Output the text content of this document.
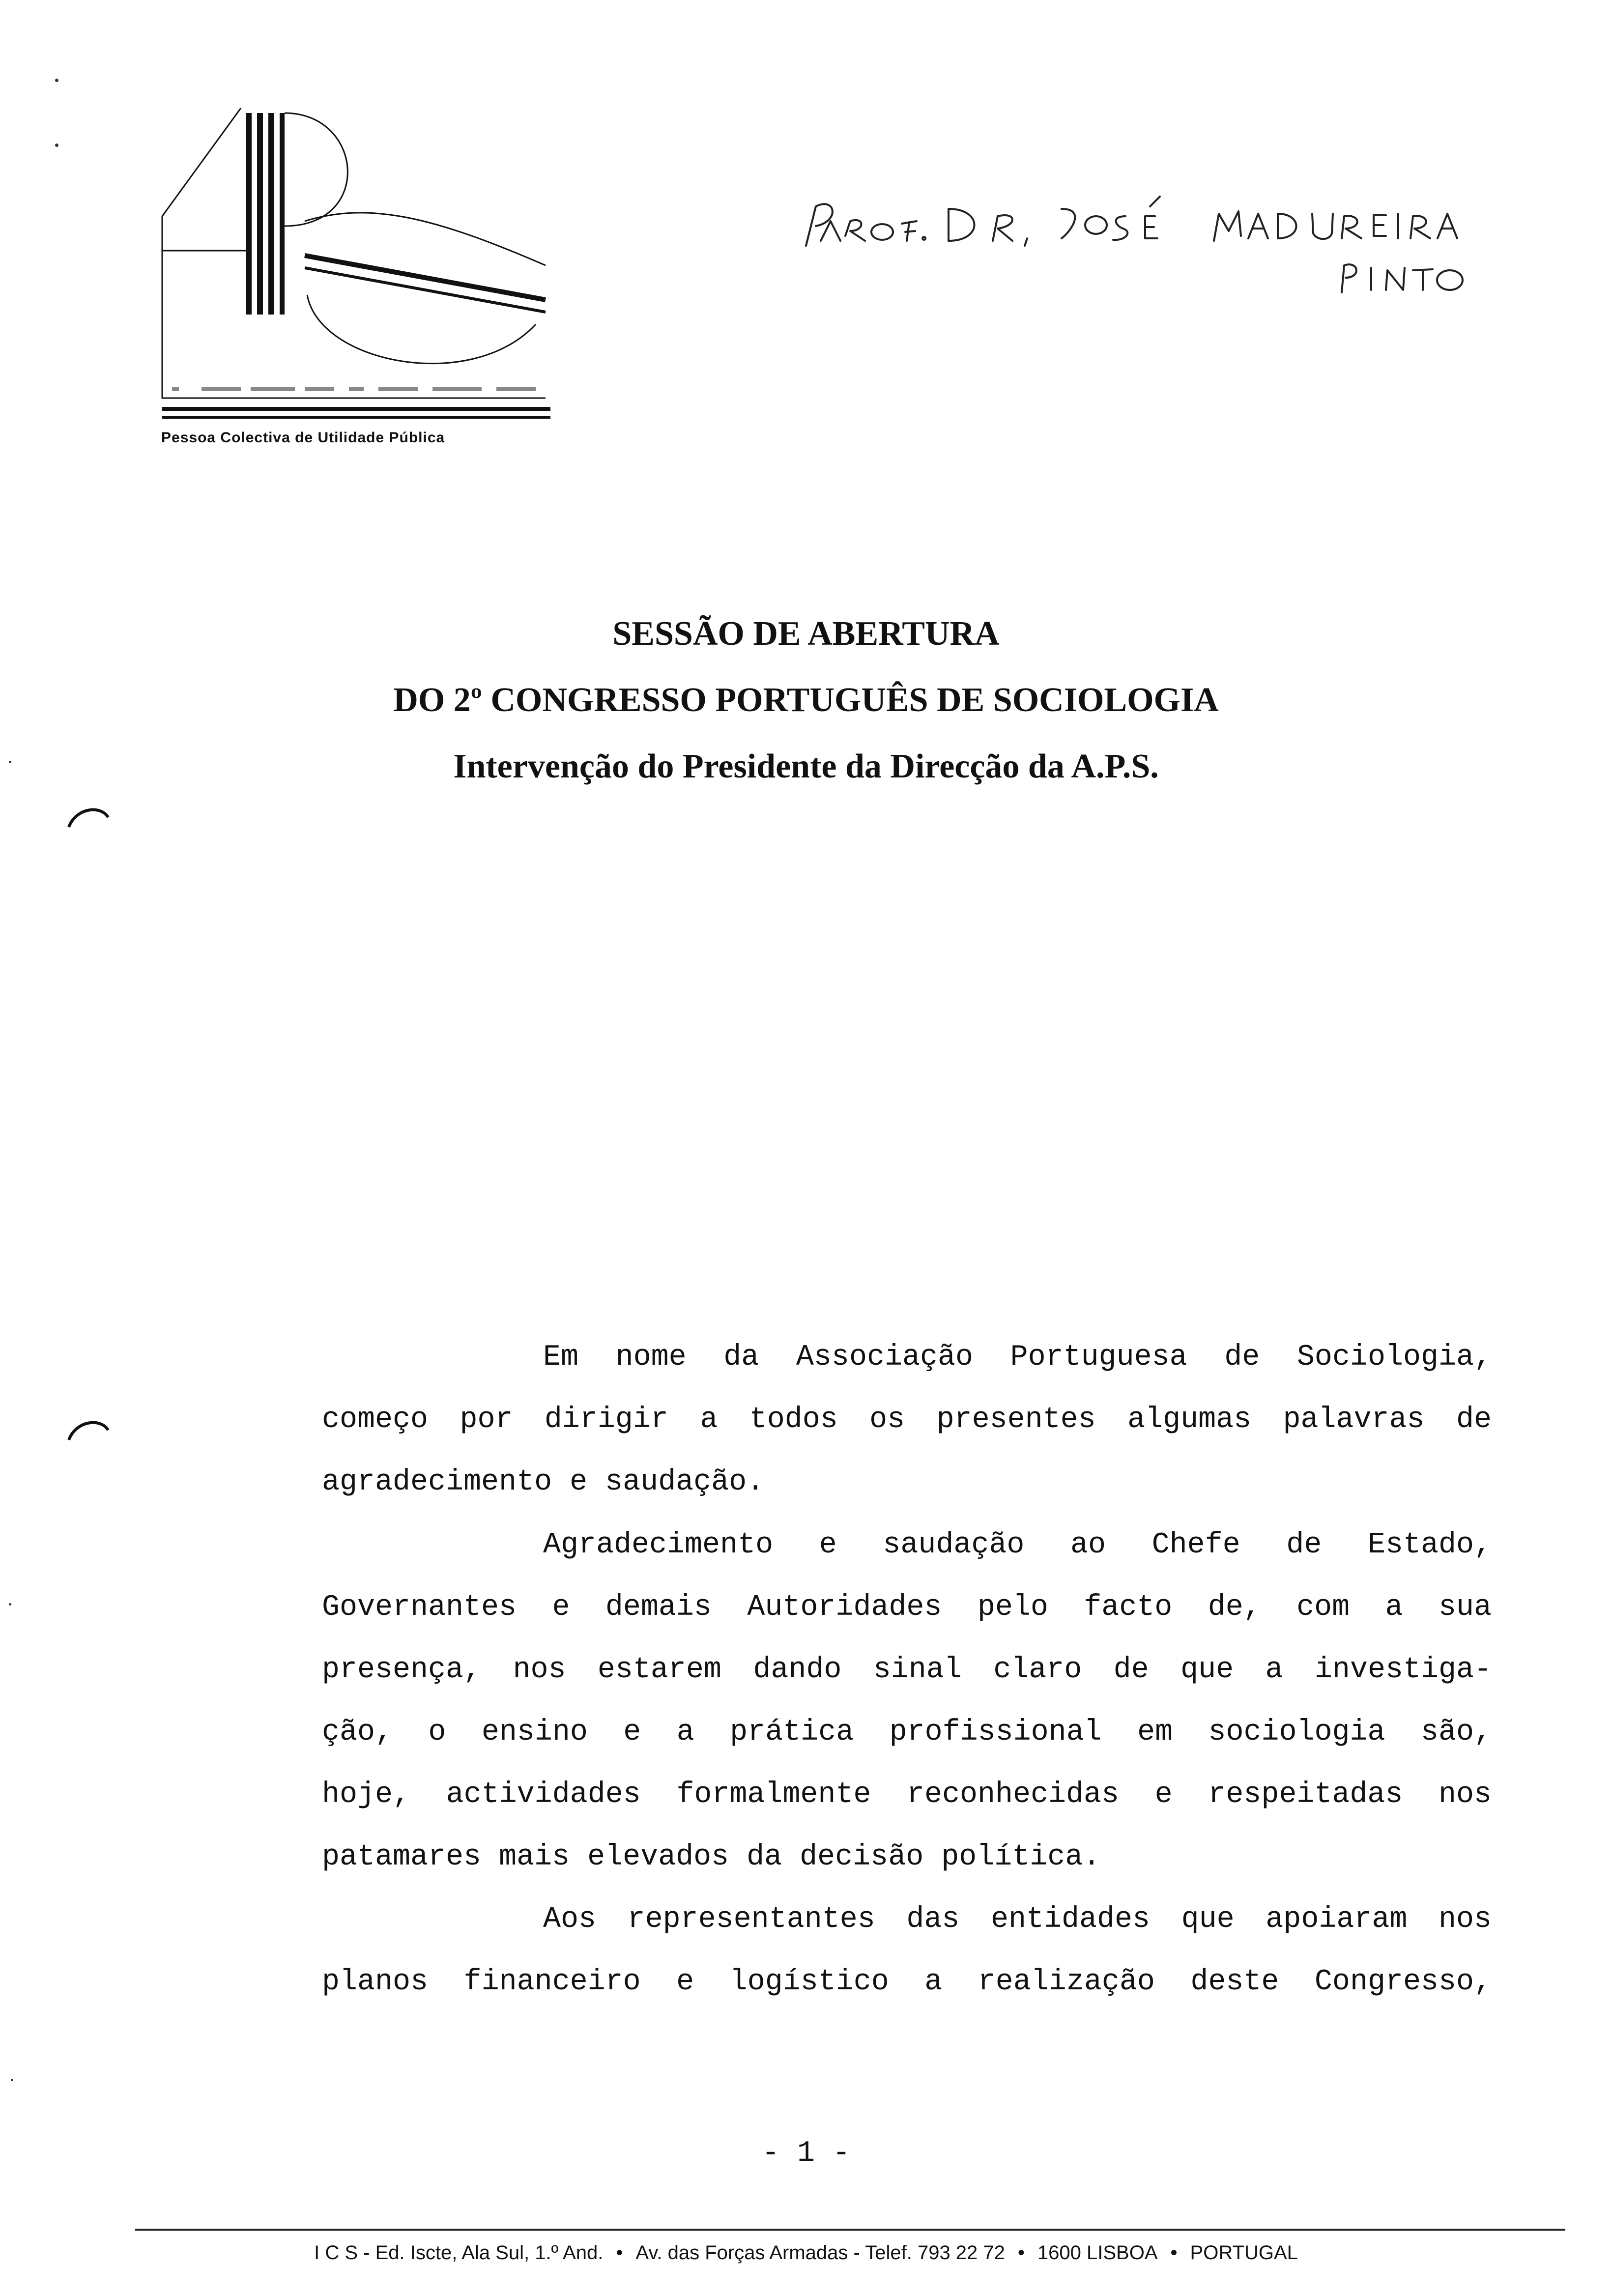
Pessoa Colectiva de Utilidade Pública
SESSÃO DE ABERTURA
DO 2º CONGRESSO PORTUGUÊS DE SOCIOLOGIA
Intervenção do Presidente da Direcção da A.P.S.
Em nome da Associação Portuguesa de Sociologia,
começo por dirigir a todos os presentes algumas palavras de
agradecimento e saudação.
Agradecimento e saudação ao Chefe de Estado,
Governantes e demais Autoridades pelo facto de, com a sua
presença, nos estarem dando sinal claro de que a investiga-
ção, o ensino e a prática profissional em sociologia são,
hoje, actividades formalmente reconhecidas e respeitadas nos
patamares mais elevados da decisão política.
Aos representantes das entidades que apoiaram nos
planos financeiro e logístico a realização deste Congresso,
- 1 -
I C S - Ed. Iscte, Ala Sul, 1.º And. • Av. das Forças Armadas - Telef. 793 22 72 • 1600 LISBOA • PORTUGAL
